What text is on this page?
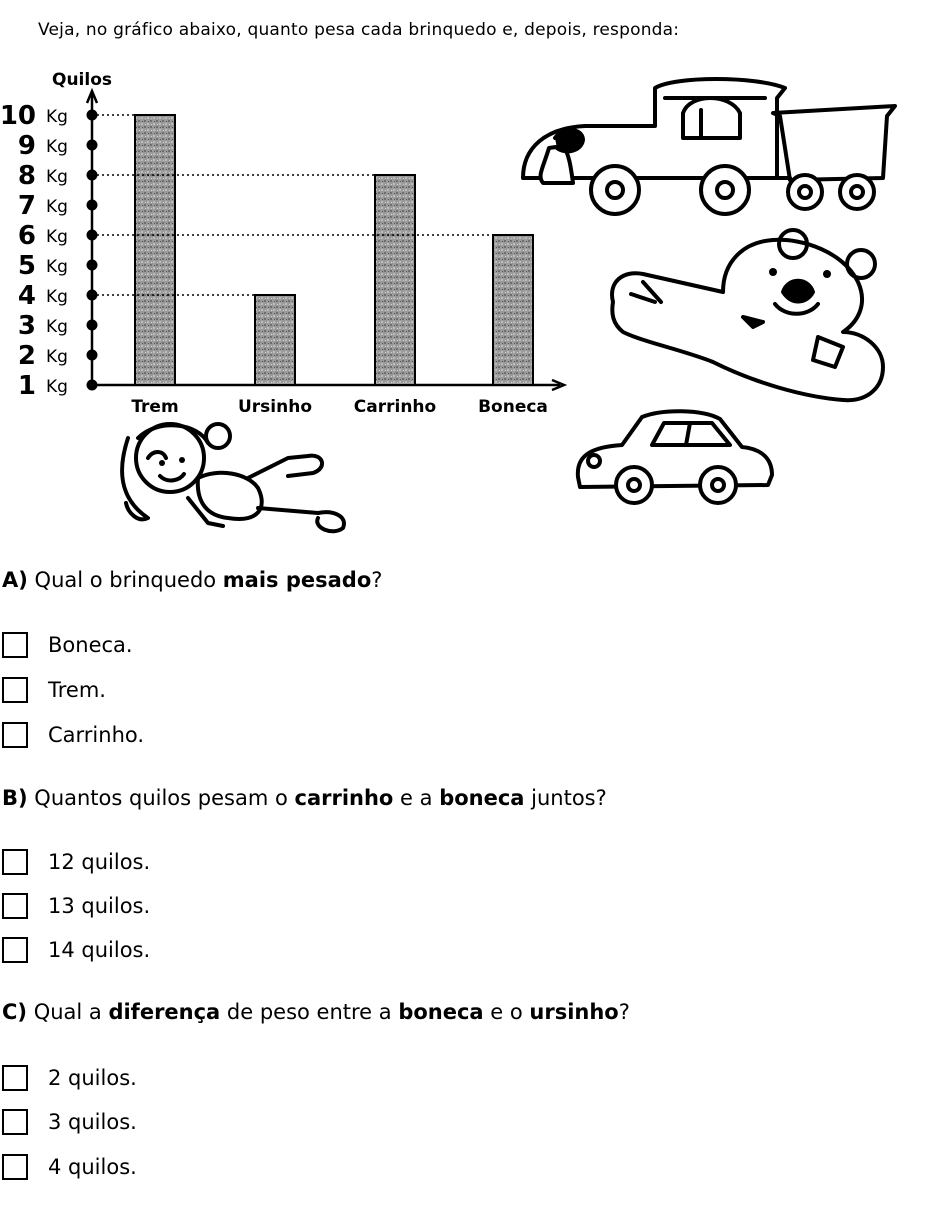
Veja, no gráfico abaixo, quanto pesa cada brinquedo e, depois, responda:
Quilos
1 Kg
2 Kg
3 Kg
4 Kg
5 Kg
6 Kg
7 Kg
8 Kg
9 Kg
10 Kg
Trem	Ursinho Carrinho Boneca
A) Qual o brinquedo mais pesado?
Boneca.
Trem.
Carrinho.
B) Quantos quilos pesam o carrinho e a boneca juntos?
12 quilos.
13 quilos.
14 quilos.
C) Qual a diferença de peso entre a boneca e o ursinho?
2 quilos.
3 quilos.
4 quilos.
